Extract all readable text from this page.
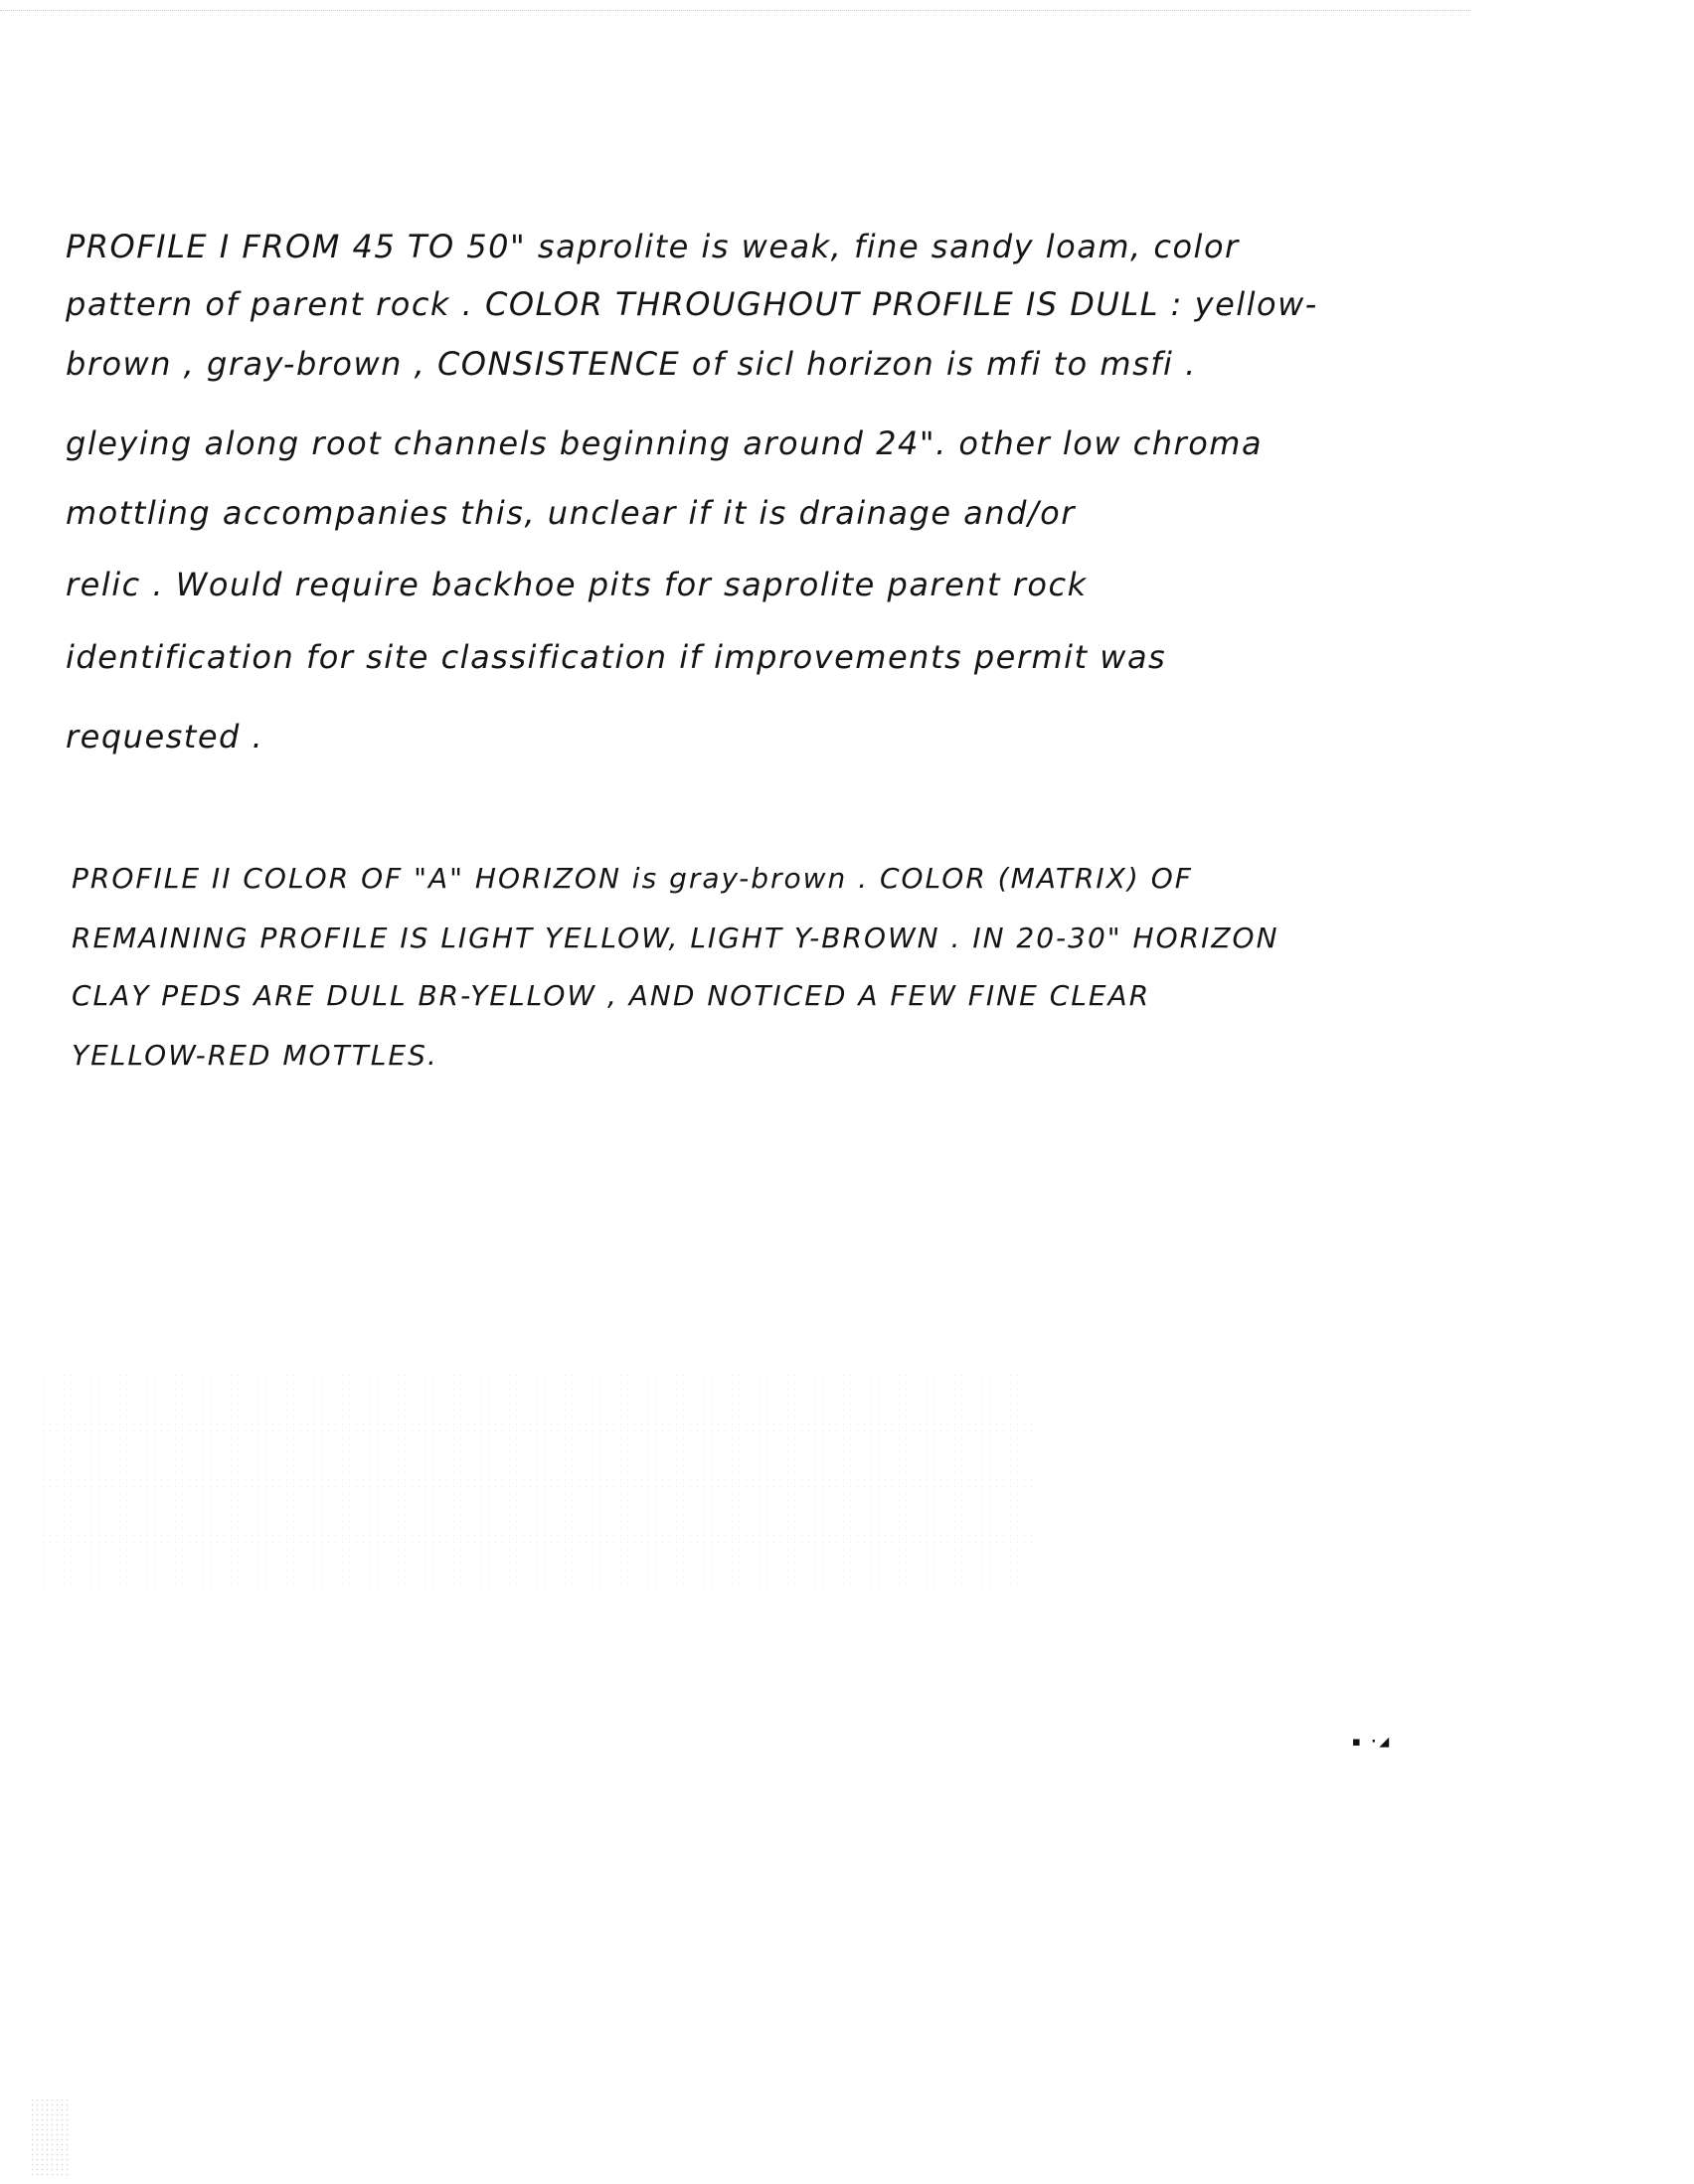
▪ ·◢
PROFILE I FROM 45 TO 50" saprolite is weak, fine sandy loam, color
pattern of parent rock . COLOR THROUGHOUT PROFILE IS DULL : yellow-
brown , gray-brown , CONSISTENCE of sicl horizon is mfi to msfi .
gleying along root channels beginning around 24". other low chroma
mottling accompanies this, unclear if it is drainage and/or
relic . Would require backhoe pits for saprolite parent rock
identification for site classification if improvements permit was
requested .
PROFILE II COLOR OF "A" HORIZON is gray-brown . COLOR (MATRIX) OF
REMAINING PROFILE IS LIGHT YELLOW, LIGHT Y-BROWN . IN 20-30" HORIZON
CLAY PEDS ARE DULL BR-YELLOW , AND NOTICED A FEW FINE CLEAR
YELLOW-RED MOTTLES.
